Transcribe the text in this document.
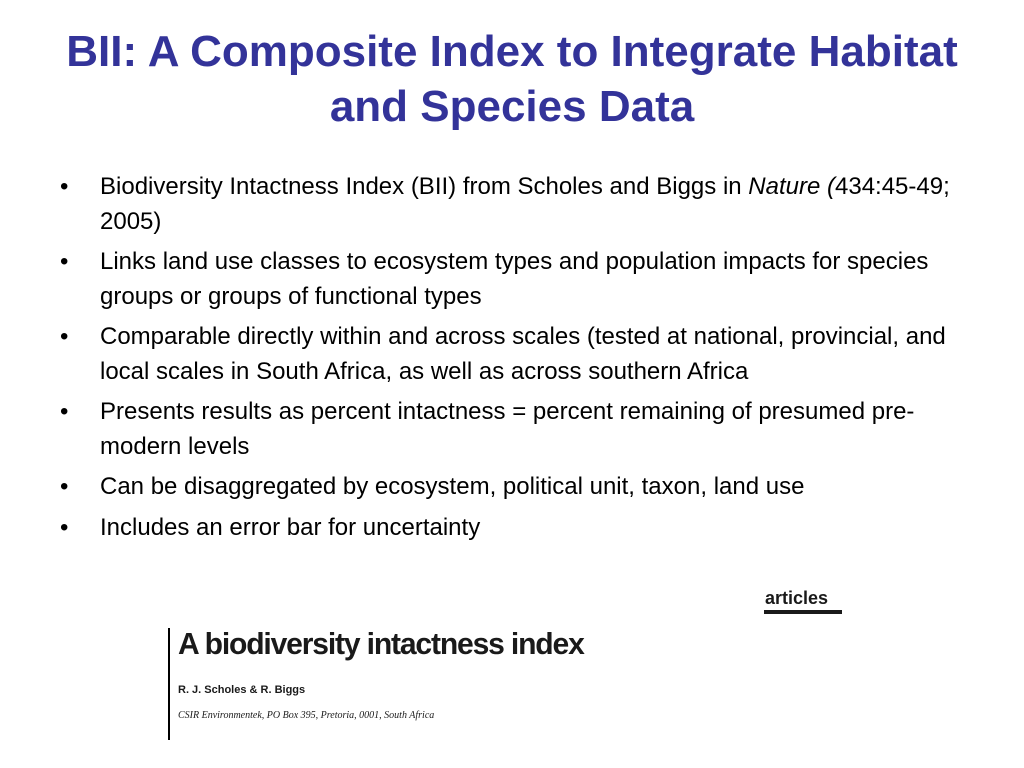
BII: A Composite Index to Integrate Habitat and Species Data
•
Biodiversity Intactness Index (BII) from Scholes and Biggs in Nature (434:45-49; 2005)
•
Links land use classes to ecosystem types and population impacts for species groups or groups of functional types
•
Comparable directly within and across scales (tested at national, provincial, and local scales in South Africa, as well as across southern Africa
•
Presents results as percent intactness = percent remaining of presumed pre-modern levels
•
Can be disaggregated by ecosystem, political unit, taxon, land use
•
Includes an error bar for uncertainty
articles
A biodiversity intactness index
R. J. Scholes & R. Biggs
CSIR Environmentek, PO Box 395, Pretoria, 0001, South Africa
